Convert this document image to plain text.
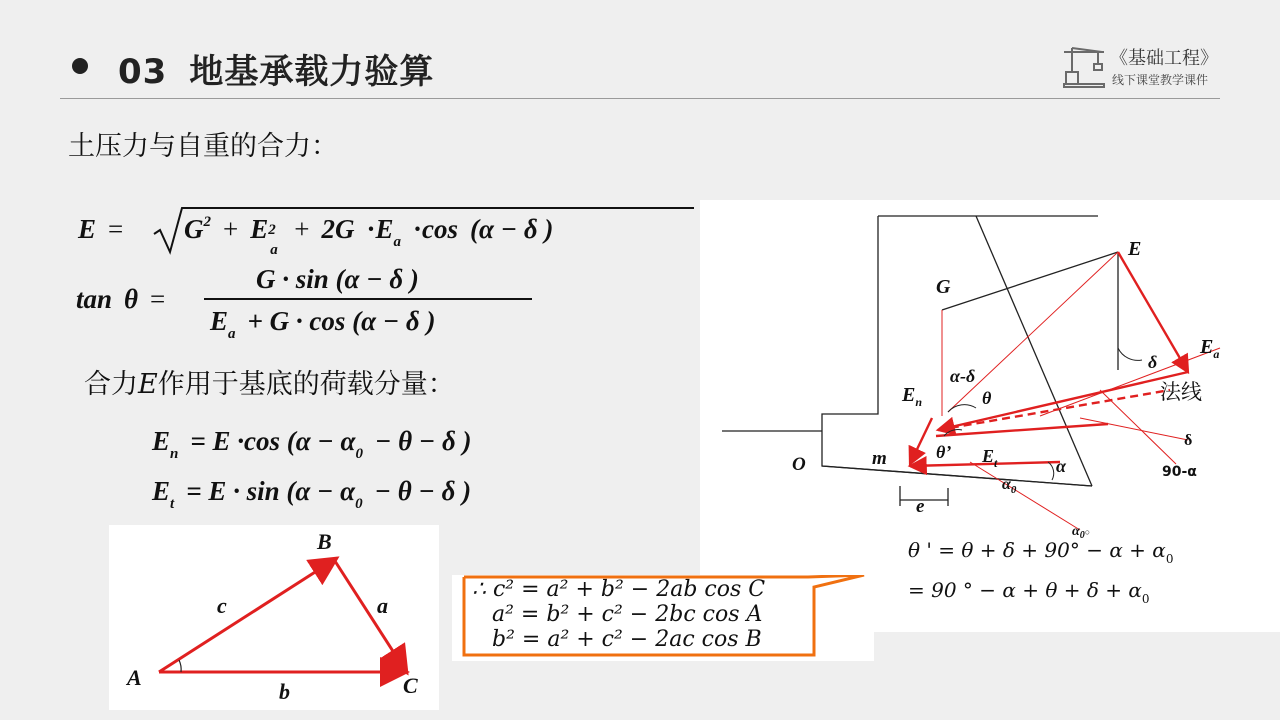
03 地基承载力验算	《基础工程》
线下课堂教学课件
土压力与自重的合力：
E =	$G^2 + E$ 2
a
+ $2G \cdot E_a \cdot\cos$ (α − δ )
tan θ =
G · sin (α − δ )
$E_a + G \cdot \cos (\alpha - \delta$ )
合力E作用于基底的荷载分量：
$E_n = E \cdot\cos$ ($\alpha - \alpha_0 - \theta - \delta$ )
$E_t = E \cdot \sin (\alpha - \alpha_0 - \theta - \delta$ )
E
G
$E_a$
δ
法线
α-δ
θ
$E_n$
θ’ $E_t$	α
$\alpha_0$
δ
90-α
O	m
e
$\alpha_0○$
θ ' = $\theta + \delta + 90^\circ - \alpha + \alpha_0$
= 90 ° − $\alpha + \theta + \delta + \alpha_0$
A
B
C
a
b
c
∴ c² = a² + b² − 2ab cos C
a² = b² + c² − 2bc cos A
b² = a² + c² − 2ac cos B
